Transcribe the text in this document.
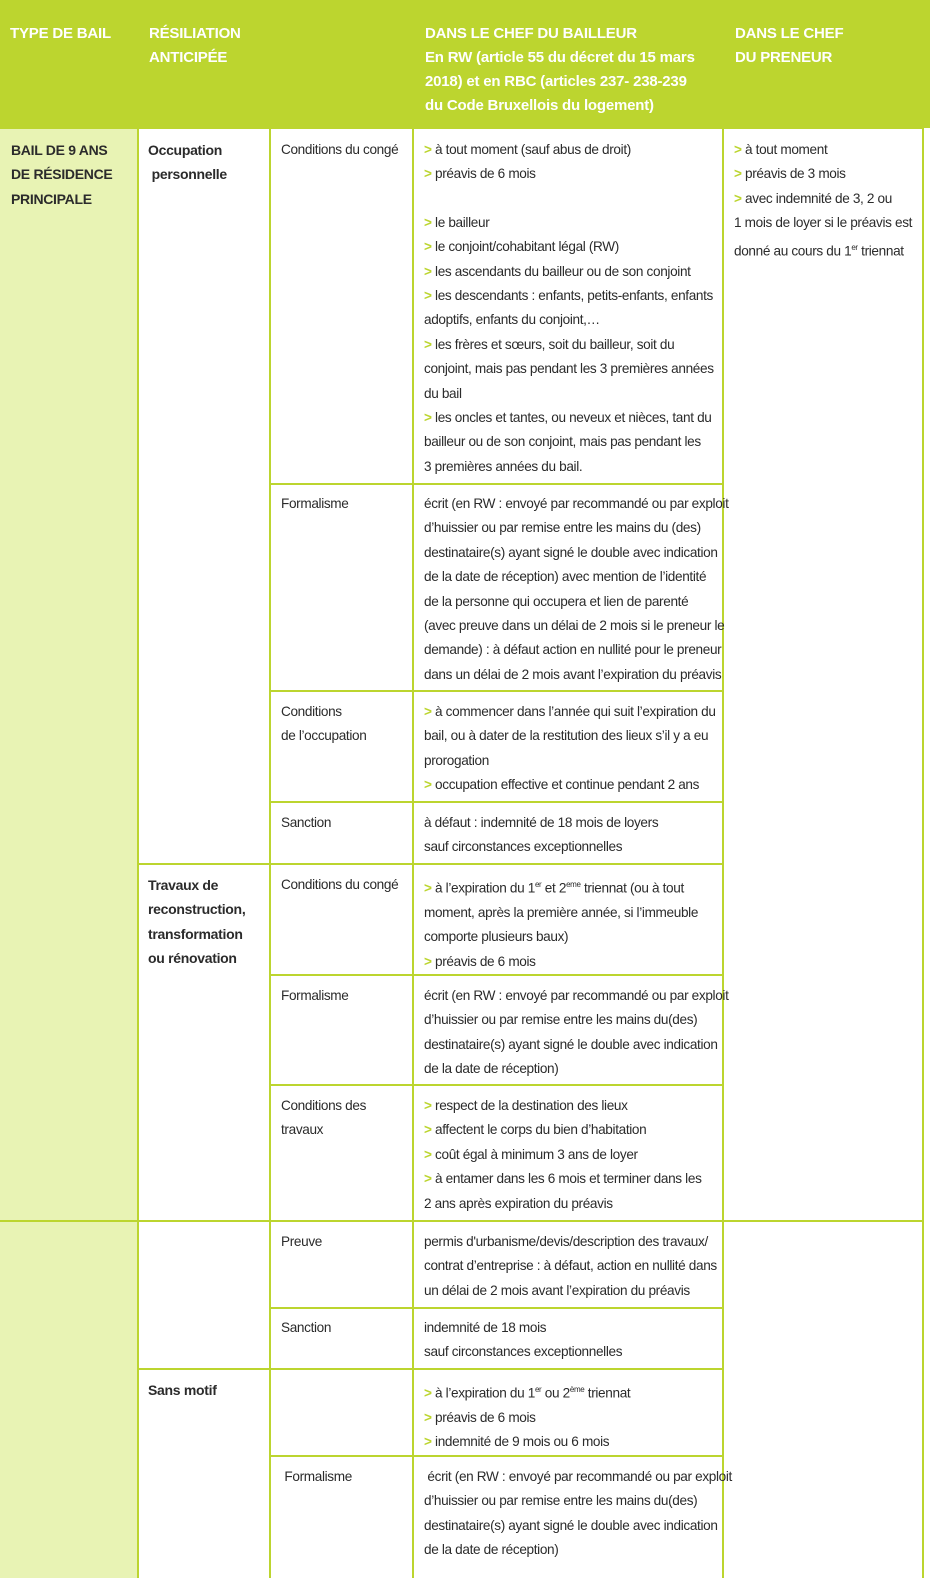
TYPE DE BAIL	RÉSILIATION
ANTICIPÉE
DANS LE CHEF DU BAILLEUR
En RW (article 55 du décret du 15 mars
2018) et en RBC (articles 237- 238-239
du Code Bruxellois du logement)
DANS LE CHEF
DU PRENEUR
BAIL DE 9 ANS
DE RÉSIDENCE
PRINCIPALE
Occupation
personnelle
Travaux de
reconstruction,
transformation
ou rénovation
Sans motif
Conditions du congé
Formalisme
Conditions
de l’occupation
Sanction
Conditions du congé
Formalisme
Conditions des
travaux
Preuve
Sanction
Formalisme
> à tout moment (sauf abus de droit)
> préavis de 6 mois
> le bailleur
> le conjoint/cohabitant légal (RW)
> les ascendants du bailleur ou de son conjoint
> les descendants : enfants, petits-enfants, enfants
adoptifs, enfants du conjoint,…
> les frères et sœurs, soit du bailleur, soit du
conjoint, mais pas pendant les 3 premières années
du bail
> les oncles et tantes, ou neveux et nièces, tant du
bailleur ou de son conjoint, mais pas pendant les
3 premières années du bail.
écrit (en RW : envoyé par recommandé ou par exploit
d’huissier ou par remise entre les mains du (des)
destinataire(s) ayant signé le double avec indication
de la date de réception) avec mention de l’identité
de la personne qui occupera et lien de parenté
(avec preuve dans un délai de 2 mois si le preneur le
demande) : à défaut action en nullité pour le preneur
dans un délai de 2 mois avant l’expiration du préavis
> à commencer dans l’année qui suit l’expiration du
bail, ou à dater de la restitution des lieux s’il y a eu
prorogation
> occupation effective et continue pendant 2 ans
à défaut : indemnité de 18 mois de loyers
sauf circonstances exceptionnelles
> à l’expiration du 1er et 2eme triennat (ou à tout
moment, après la première année, si l’immeuble
comporte plusieurs baux)
> préavis de 6 mois
écrit (en RW : envoyé par recommandé ou par exploit
d’huissier ou par remise entre les mains du(des)
destinataire(s) ayant signé le double avec indication
de la date de réception)
> respect de la destination des lieux
> affectent le corps du bien d’habitation
> coût égal à minimum 3 ans de loyer
> à entamer dans les 6 mois et terminer dans les
2 ans après expiration du préavis
permis d'urbanisme/devis/description des travaux/
contrat d’entreprise : à défaut, action en nullité dans
un délai de 2 mois avant l’expiration du préavis
indemnité de 18 mois
sauf circonstances exceptionnelles
> à l’expiration du 1er ou 2ème triennat
> préavis de 6 mois
> indemnité de 9 mois ou 6 mois
écrit (en RW : envoyé par recommandé ou par exploit
d’huissier ou par remise entre les mains du(des)
destinataire(s) ayant signé le double avec indication
de la date de réception)
> à tout moment
> préavis de 3 mois
> avec indemnité de 3, 2 ou
1 mois de loyer si le préavis est
donné au cours du 1er triennat
